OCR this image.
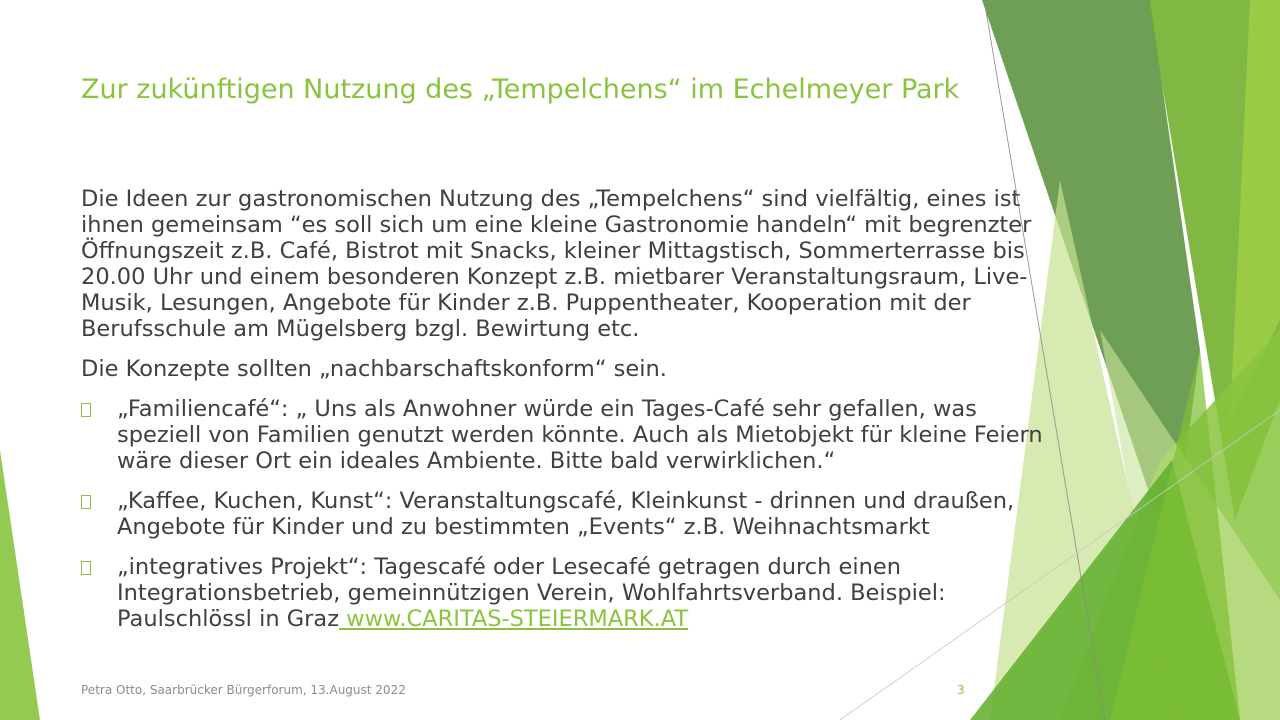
Zur zukünftigen Nutzung des „Tempelchens“ im Echelmeyer Park

Die Ideen zur gastronomischen Nutzung des „Tempelchens“ sind vielfältig, eines ist ihnen gemeinsam “es soll sich um eine kleine Gastronomie handeln“ mit begrenzter Öffnungszeit z.B. Café, Bistrot mit Snacks, kleiner Mittagstisch, Sommerterrasse bis 20.00 Uhr und einem besonderen Konzept z.B. mietbarer Veranstaltungsraum, Live-Musik, Lesungen, Angebote für Kinder z.B. Puppentheater, Kooperation mit der Berufsschule am Mügelsberg bzgl. Bewirtung etc.

Die Konzepte sollten „nachbarschaftskonform“ sein.

„Familiencafé“: „ Uns als Anwohner würde ein Tages-Café sehr gefallen, was speziell von Familien genutzt werden könnte. Auch als Mietobjekt für kleine Feiern wäre dieser Ort ein ideales Ambiente. Bitte bald verwirklichen.“
„Kaffee, Kuchen, Kunst“: Veranstaltungscafé, Kleinkunst - drinnen und draußen, Angebote für Kinder und zu bestimmten „Events“ z.B. Weihnachtsmarkt
„integratives Projekt“: Tagescafé oder Lesecafé getragen durch einen Integrationsbetrieb, gemeinnützigen Verein, Wohlfahrtsverband. Beispiel: Paulschlössl in Graz www.CARITAS-STEIERMARK.AT
Petra Otto, Saarbrücker Bürgerforum, 13.August 2022	3
